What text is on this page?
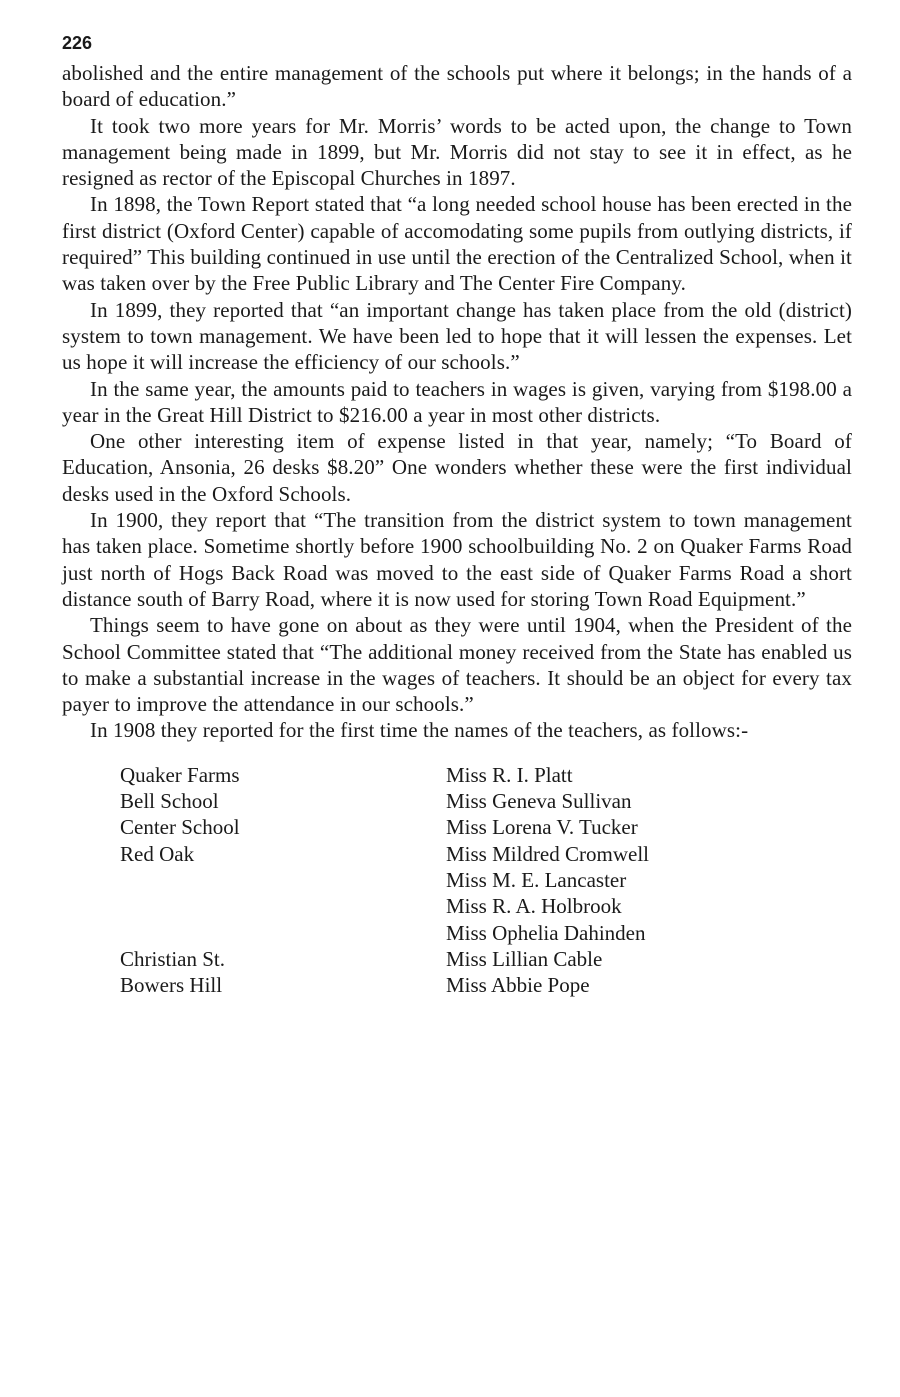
226

abolished and the entire management of the schools put where it belongs; in the hands of a board of education.”

It took two more years for Mr. Morris’ words to be acted upon, the change to Town management being made in 1899, but Mr. Morris did not stay to see it in effect, as he resigned as rector of the Episcopal Churches in 1897.

In 1898, the Town Report stated that “a long needed school house has been erected in the first district (Oxford Center) capable of accomodating some pupils from outlying districts, if required” This building continued in use until the erection of the Centralized School, when it was taken over by the Free Public Library and The Center Fire Company.

In 1899, they reported that “an important change has taken place from the old (district) system to town management. We have been led to hope that it will lessen the expenses. Let us hope it will increase the efficiency of our schools.”

In the same year, the amounts paid to teachers in wages is given, varying from $198.00 a year in the Great Hill District to $216.00 a year in most other districts.

One other interesting item of expense listed in that year, namely; “To Board of Education, Ansonia, 26 desks $8.20” One wonders whether these were the first individual desks used in the Oxford Schools.

In 1900, they report that “The transition from the district system to town management has taken place. Sometime shortly before 1900 schoolbuilding No. 2 on Quaker Farms Road just north of Hogs Back Road was moved to the east side of Quaker Farms Road a short distance south of Barry Road, where it is now used for storing Town Road Equipment.”

Things seem to have gone on about as they were until 1904, when the President of the School Committee stated that “The additional money received from the State has enabled us to make a substantial increase in the wages of teachers. It should be an object for every tax payer to improve the attendance in our schools.”

In 1908 they reported for the first time the names of the teachers, as follows:-

Quaker Farms	Miss R. I. Platt
Bell School	Miss Geneva Sullivan
Center School	Miss Lorena V. Tucker
Red Oak	Miss Mildred Cromwell
	Miss M. E. Lancaster
	Miss R. A. Holbrook
	Miss Ophelia Dahinden
Christian St.	Miss Lillian Cable
Bowers Hill	Miss Abbie Pope
